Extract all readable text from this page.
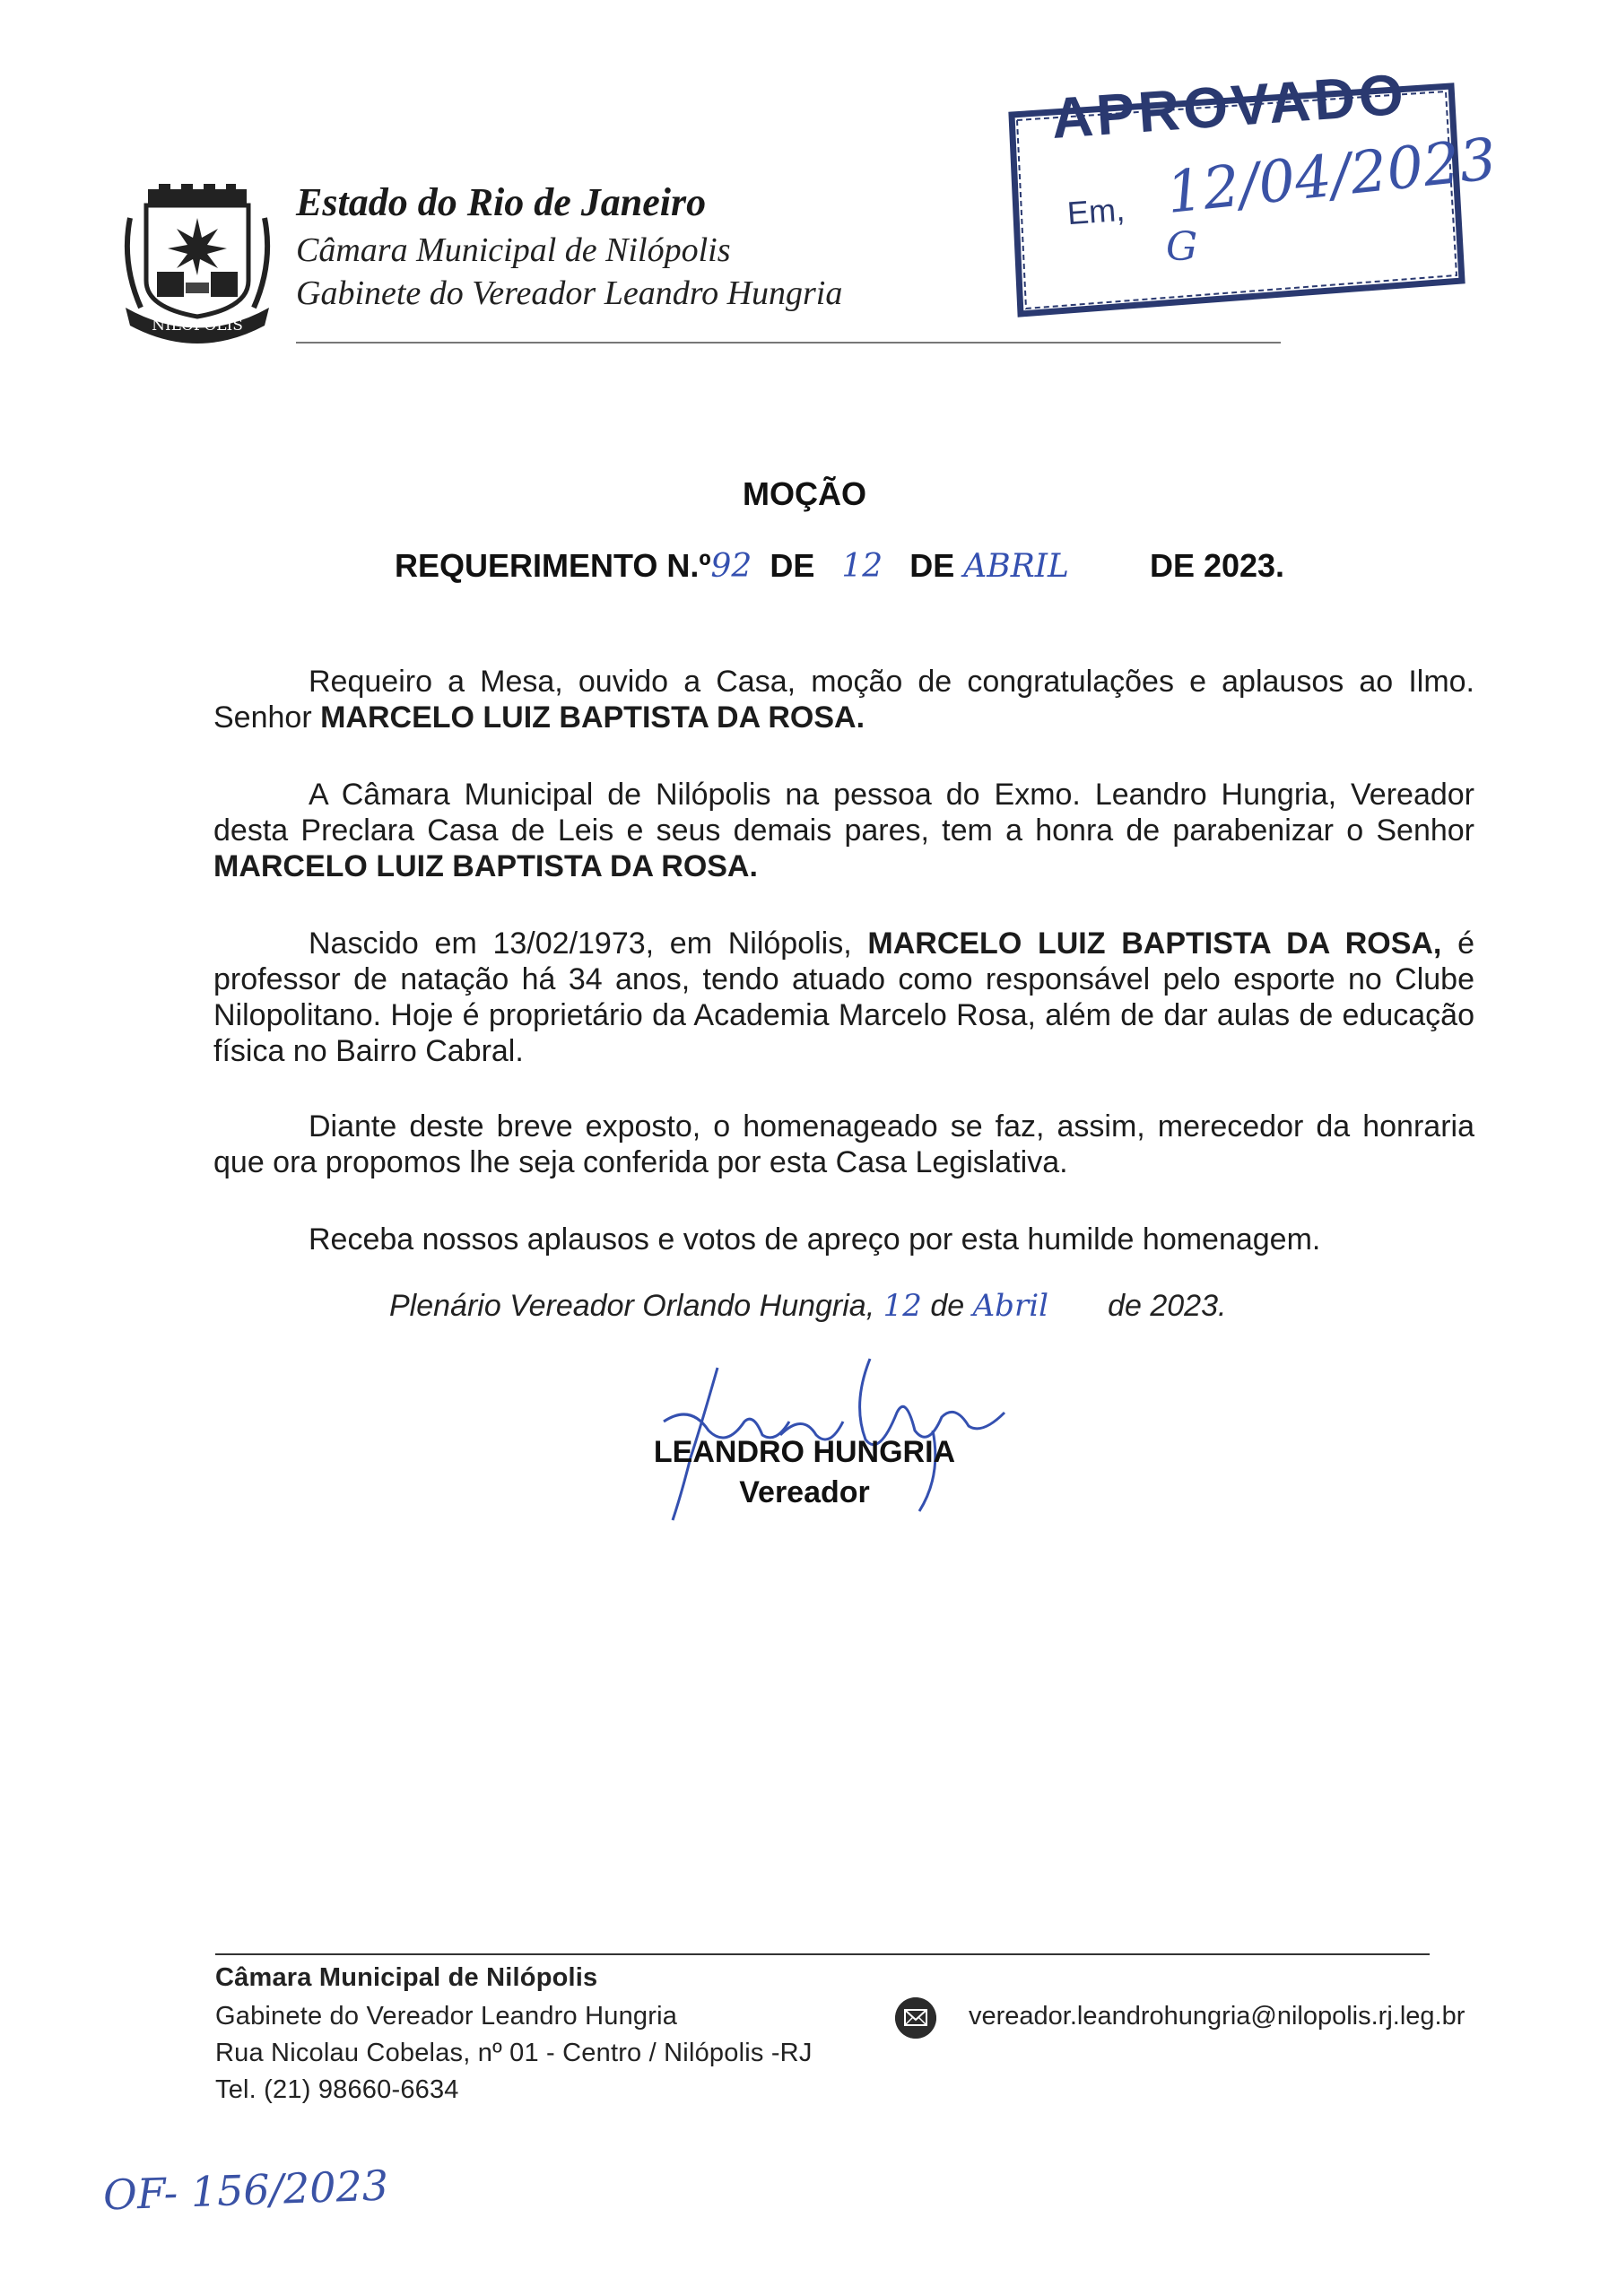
NILOPOLIS
Estado do Rio de Janeiro
Câmara Municipal de Nilópolis
Gabinete do Vereador Leandro Hungria
APROVADO
Em, 12/04/2023
G
MOÇÃO
REQUERIMENTO N.º92 DE 12 DE ABRIL	DE 2023.
Requeiro a Mesa, ouvido a Casa, moção de congratulações e aplausos ao Ilmo. Senhor MARCELO LUIZ BAPTISTA DA ROSA.
A Câmara Municipal de Nilópolis na pessoa do Exmo. Leandro Hungria, Vereador desta Preclara Casa de Leis e seus demais pares, tem a honra de parabenizar o Senhor MARCELO LUIZ BAPTISTA DA ROSA.
Nascido em 13/02/1973, em Nilópolis, MARCELO LUIZ BAPTISTA DA ROSA, é professor de natação há 34 anos, tendo atuado como responsável pelo esporte no Clube Nilopolitano. Hoje é proprietário da Academia Marcelo Rosa, além de dar aulas de educação física no Bairro Cabral.
Diante deste breve exposto, o homenageado se faz, assim, merecedor da honraria que ora propomos lhe seja conferida por esta Casa Legislativa.
Receba nossos aplausos e votos de apreço por esta humilde homenagem.
Plenário Vereador Orlando Hungria, 12 de Abril de 2023.
LEANDRO HUNGRIA
Vereador
Câmara Municipal de Nilópolis
Gabinete do Vereador Leandro Hungria
Rua Nicolau Cobelas, nº 01 - Centro / Nilópolis -RJ
Tel. (21) 98660-6634
vereador.leandrohungria@nilopolis.rj.leg.br
OF- 156/2023
